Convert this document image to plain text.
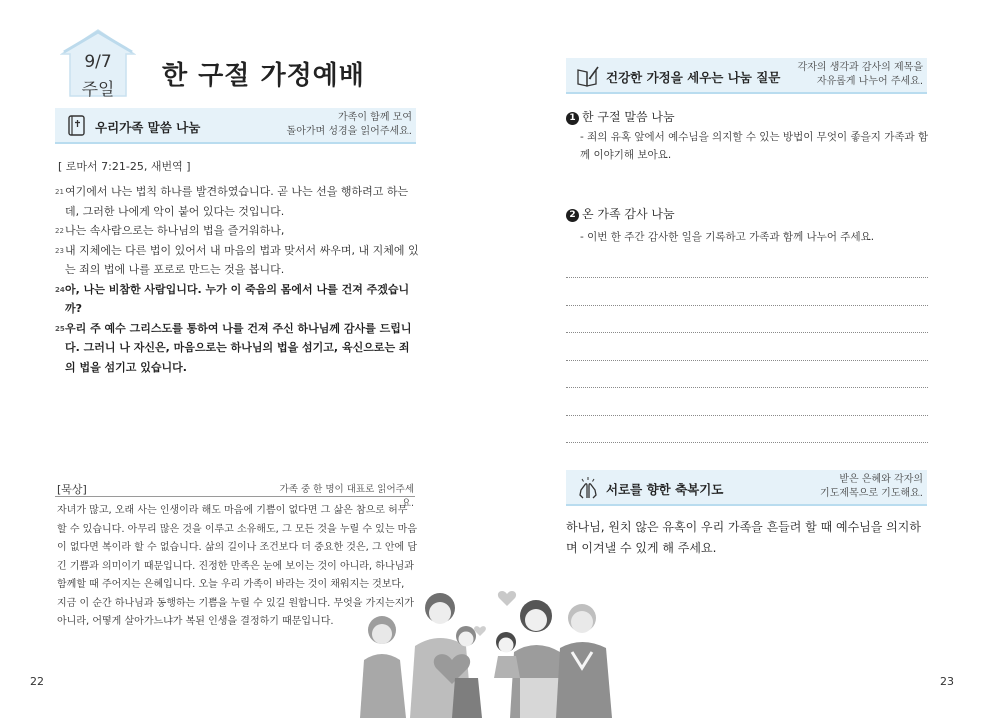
9/7
주일	한 구절 가정예배
우리가족 말씀 나눔
가족이 함께 모여
돌아가며 성경을 읽어주세요.
[ 로마서 7:21-25, 새번역 ]
21 여기에서 나는 법칙 하나를 발견하였습니다. 곧 나는 선을 행하려고 하는데, 그러한 나에게 악이 붙어 있다는 것입니다.
22 나는 속사람으로는 하나님의 법을 즐거워하나,
23 내 지체에는 다른 법이 있어서 내 마음의 법과 맞서서 싸우며, 내 지체에 있는 죄의 법에 나를 포로로 만드는 것을 봅니다.
24 아, 나는 비참한 사람입니다. 누가 이 죽음의 몸에서 나를 건져 주겠습니까?
25 우리 주 예수 그리스도를 통하여 나를 건져 주신 하나님께 감사를 드립니다. 그러니 나 자신은, 마음으로는 하나님의 법을 섬기고, 육신으로는 죄의 법을 섬기고 있습니다.
[묵상]	가족 중 한 명이 대표로 읽어주세요.
자녀가 많고, 오래 사는 인생이라 해도 마음에 기쁨이 없다면 그 삶은 참으로 허무할 수 있습니다. 아무리 많은 것을 이루고 소유해도, 그 모든 것을 누릴 수 있는 마음이 없다면 복이라 할 수 없습니다. 삶의 길이나 조건보다 더 중요한 것은, 그 안에 담긴 기쁨과 의미이기 때문입니다. 진정한 만족은 눈에 보이는 것이 아니라, 하나님과 함께할 때 주어지는 은혜입니다. 오늘 우리 가족이 바라는 것이 채워지는 것보다, 지금 이 순간 하나님과 동행하는 기쁨을 누릴 수 있길 원합니다. 무엇을 가지는지가 아니라, 어떻게 살아가느냐가 복된 인생을 결정하기 때문입니다.
22
건강한 가정을 세우는 나눔 질문
각자의 생각과 감사의 제목을
자유롭게 나누어 주세요.
1 한 구절 말씀 나눔
- 죄의 유혹 앞에서 예수님을 의지할 수 있는 방법이 무엇이 좋을지 가족과 함께 이야기해 보아요.
2 온 가족 감사 나눔
- 이번 한 주간 감사한 일을 기록하고 가족과 함께 나누어 주세요.
서로를 향한 축복기도
받은 은혜와 각자의
기도제목으로 기도해요.
하나님, 원치 않은 유혹이 우리 가족을 흔들려 할 때 예수님을 의지하며 이겨낼 수 있게 해 주세요.
23
